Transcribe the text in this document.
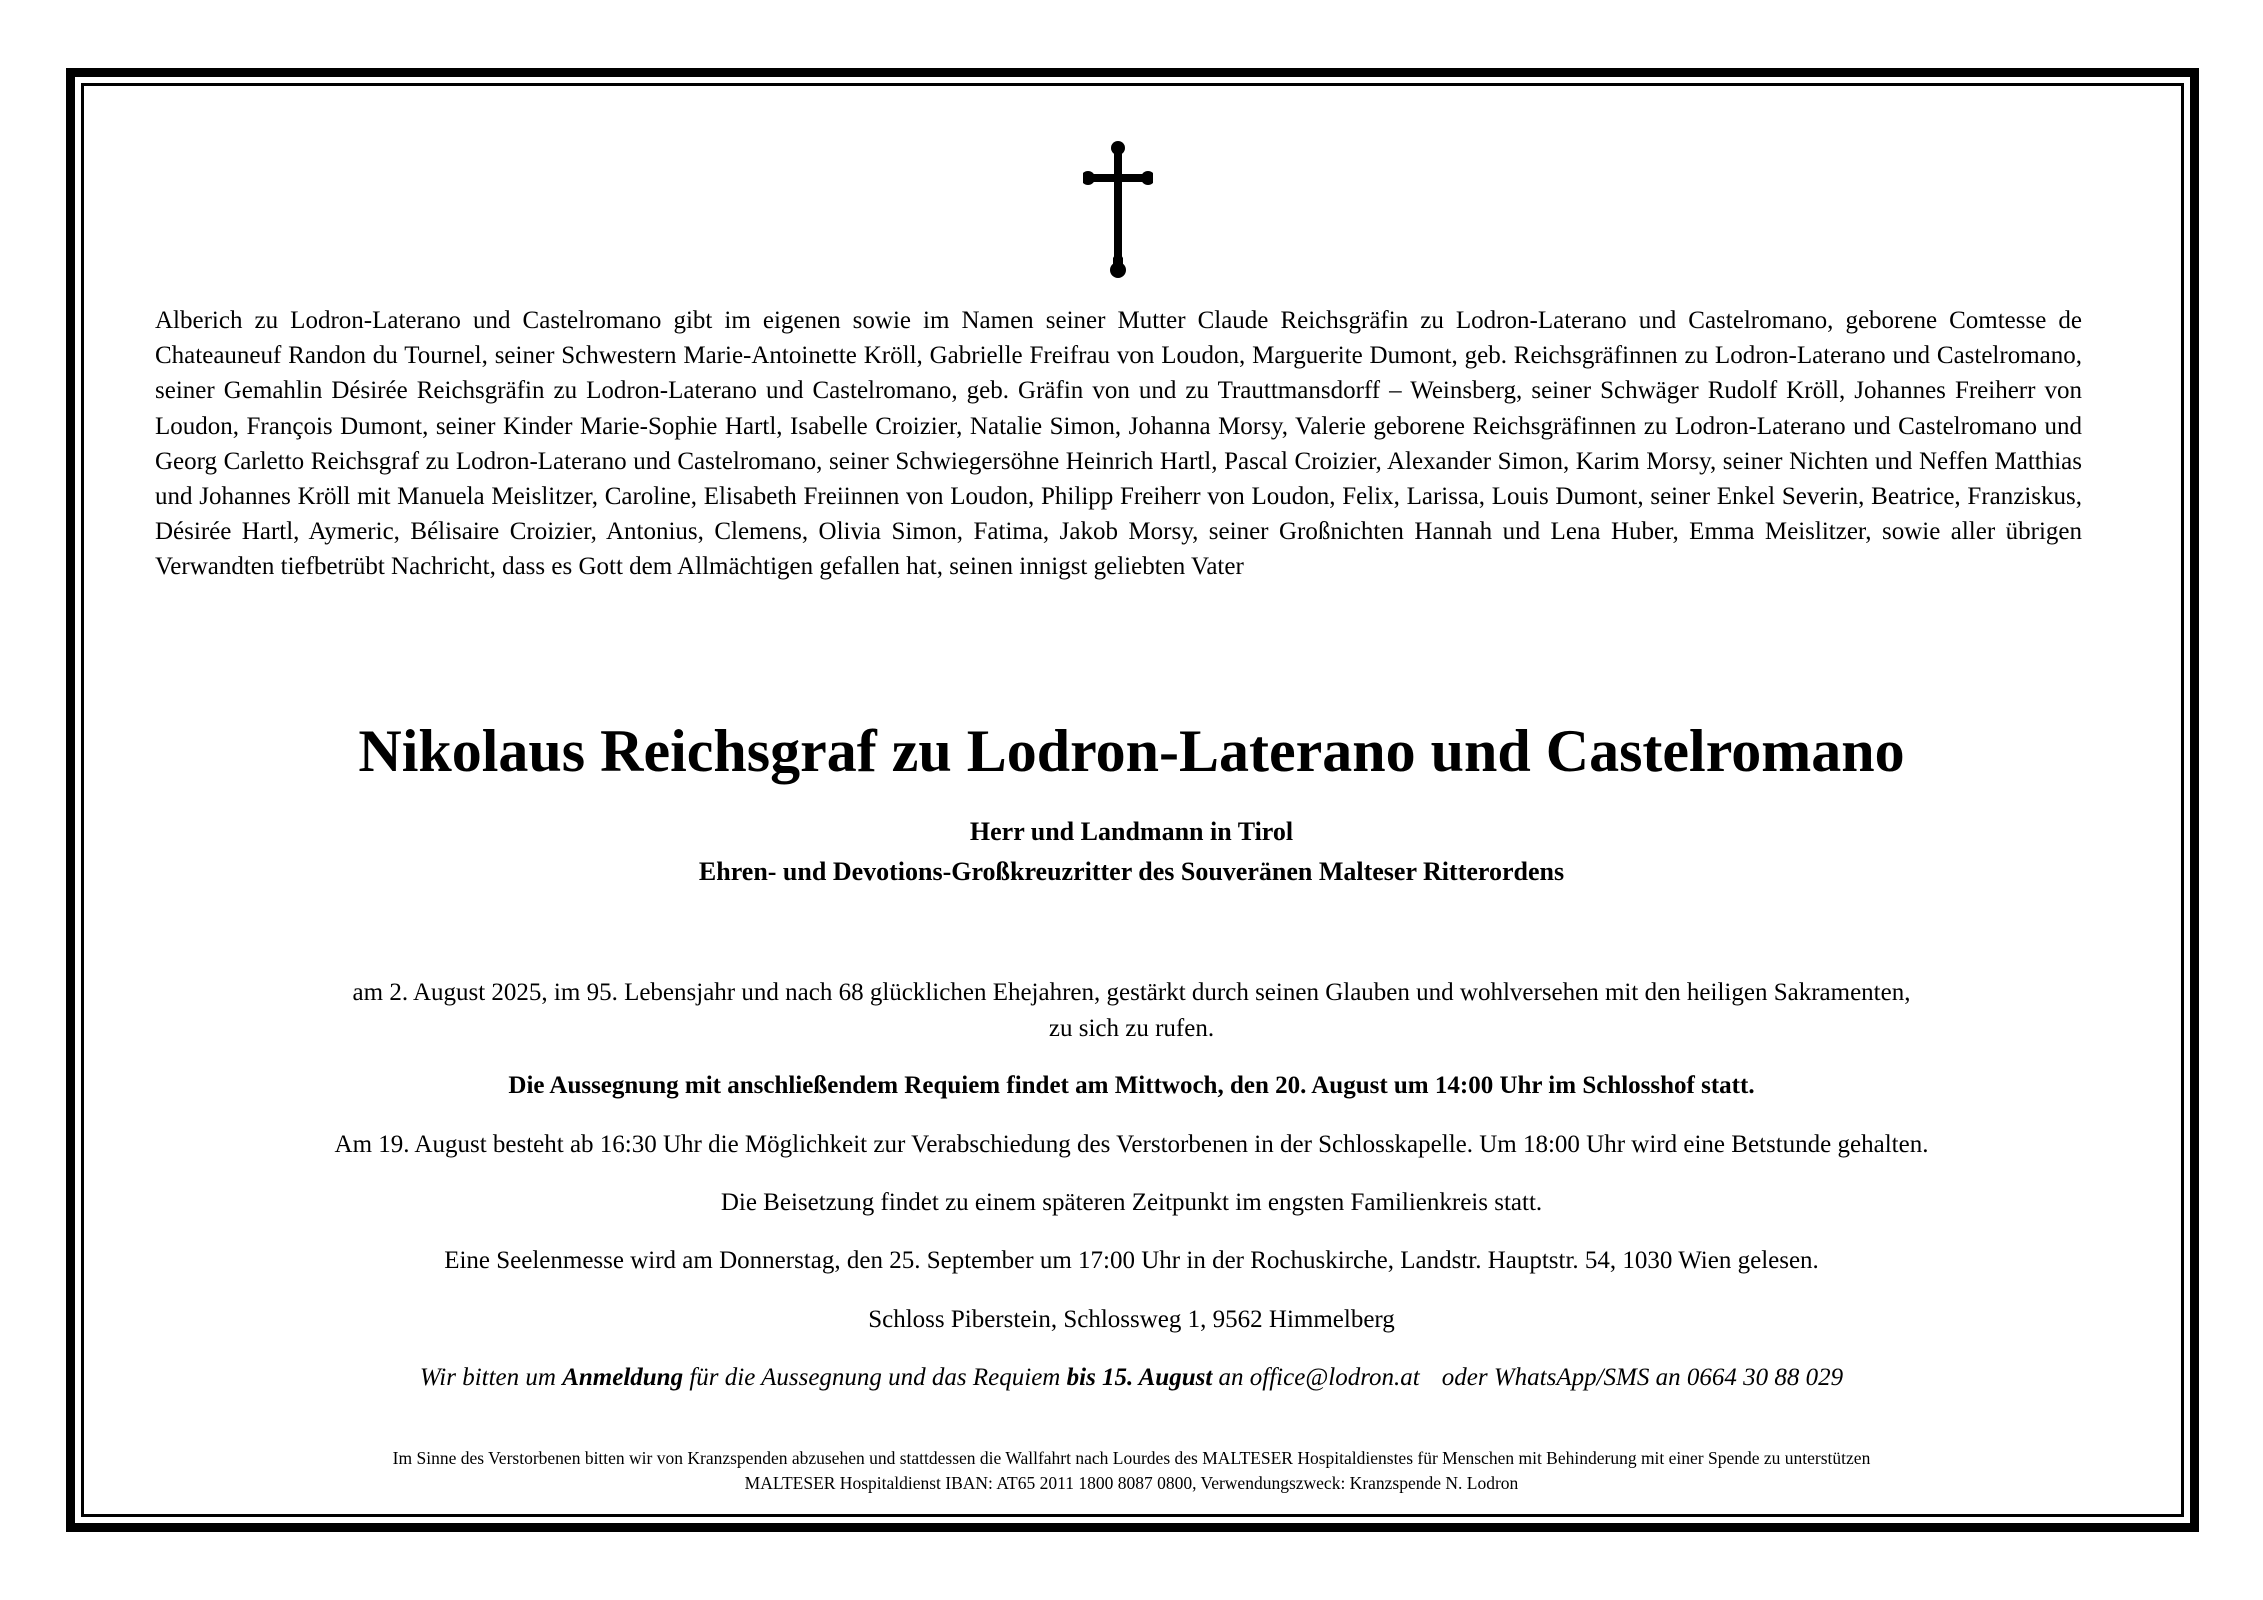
Alberich zu Lodron-Laterano und Castelromano gibt im eigenen sowie im Namen seiner Mutter Claude Reichsgräfin zu Lodron-Laterano und Castelromano, geborene Comtesse de Chateauneuf Randon du Tournel, seiner Schwestern Marie-Antoinette Kröll, Gabrielle Freifrau von Loudon, Marguerite Dumont, geb. Reichsgräfinnen zu Lodron-Laterano und Castelromano, seiner Gemahlin Désirée Reichsgräfin zu Lodron-Laterano und Castelromano, geb. Gräfin von und zu Trauttmansdorff – Weinsberg, seiner Schwäger Rudolf Kröll, Johannes Freiherr von Loudon, François Dumont, seiner Kinder Marie-Sophie Hartl, Isabelle Croizier, Natalie Simon, Johanna Morsy, Valerie geborene Reichsgräfinnen zu Lodron-Laterano und Castelromano und Georg Carletto Reichsgraf zu Lodron-Laterano und Castelromano, seiner Schwiegersöhne Heinrich Hartl, Pascal Croizier, Alexander Simon, Karim Morsy, seiner Nichten und Neffen Matthias und Johannes Kröll mit Manuela Meislitzer, Caroline, Elisabeth Freiinnen von Loudon, Philipp Freiherr von Loudon, Felix, Larissa, Louis Dumont, seiner Enkel Severin, Beatrice, Franziskus, Désirée Hartl, Aymeric, Bélisaire Croizier, Antonius, Clemens, Olivia Simon, Fatima, Jakob Morsy, seiner Großnichten Hannah und Lena Huber, Emma Meislitzer, sowie aller übrigen Verwandten tiefbetrübt Nachricht, dass es Gott dem Allmächtigen gefallen hat, seinen innigst geliebten Vater

Nikolaus Reichsgraf zu Lodron-Laterano und Castelromano
Herr und Landmann in Tirol
Ehren- und Devotions-Großkreuzritter des Souveränen Malteser Ritterordens
am 2. August 2025, im 95. Lebensjahr und nach 68 glücklichen Ehejahren, gestärkt durch seinen Glauben und wohlversehen mit den heiligen Sakramenten,
zu sich zu rufen.
Die Aussegnung mit anschließendem Requiem findet am Mittwoch, den 20. August um 14:00 Uhr im Schlosshof statt.
Am 19. August besteht ab 16:30 Uhr die Möglichkeit zur Verabschiedung des Verstorbenen in der Schlosskapelle. Um 18:00 Uhr wird eine Betstunde gehalten.
Die Beisetzung findet zu einem späteren Zeitpunkt im engsten Familienkreis statt.
Eine Seelenmesse wird am Donnerstag, den 25. September um 17:00 Uhr in der Rochuskirche, Landstr. Hauptstr. 54, 1030 Wien gelesen.
Schloss Piberstein, Schlossweg 1, 9562 Himmelberg
Wir bitten um Anmeldung für die Aussegnung und das Requiem bis 15. August an office@lodron.at oder WhatsApp/SMS an 0664 30 88 029
Im Sinne des Verstorbenen bitten wir von Kranzspenden abzusehen und stattdessen die Wallfahrt nach Lourdes des MALTESER Hospitaldienstes für Menschen mit Behinderung mit einer Spende zu unterstützen
MALTESER Hospitaldienst IBAN: AT65 2011 1800 8087 0800, Verwendungszweck: Kranzspende N. Lodron
